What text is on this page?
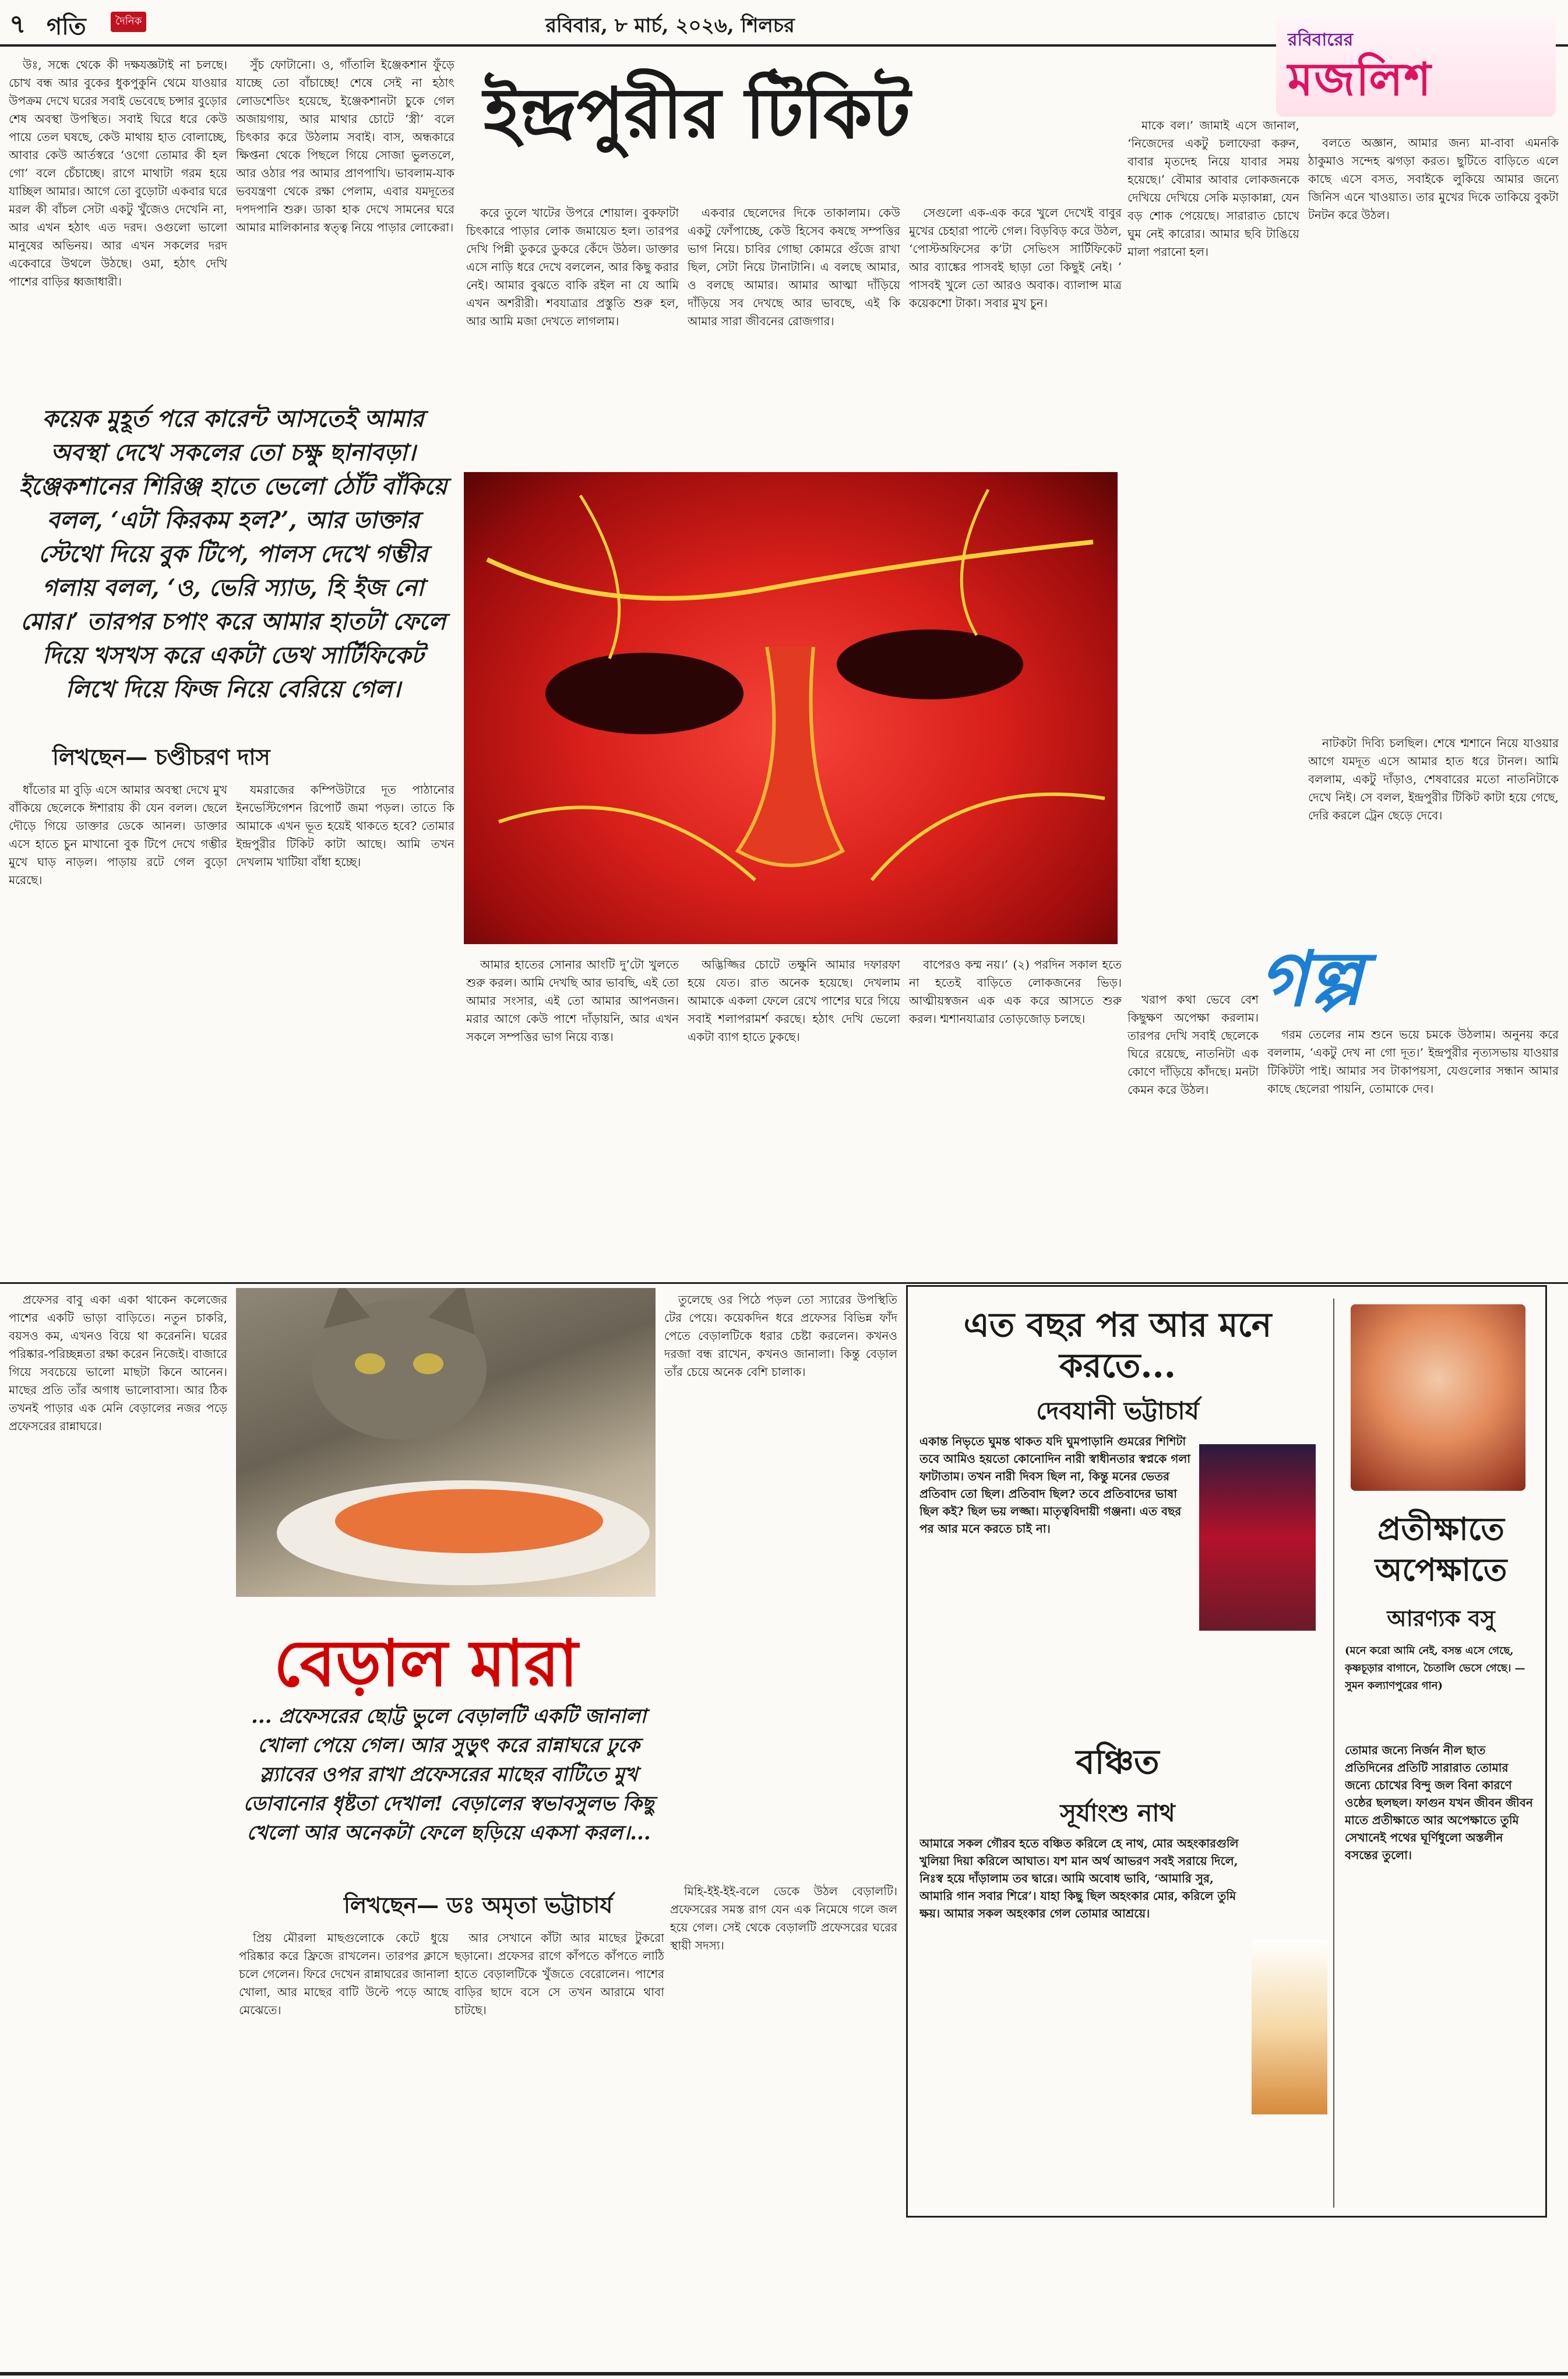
৭ গতি	দৈনিক	রবিবার, ৮ মার্চ, ২০২৬, শিলচর
রবিবারের
মজলিশ
ইন্দ্রপুরীর টিকিট

উঃ, সন্ধে থেকে কী দক্ষযজ্ঞটাই না চলছে। চোখ বন্ধ আর বুকের ধুকপুকুনি থেমে যাওয়ার উপক্রম দেখে ঘরের সবাই ভেবেছে চন্সার বুড়োর শেষ অবস্থা উপস্থিত। সবাই ঘিরে ধরে কেউ পায়ে তেল ঘষছে, কেউ মাথায় হাত বোলাচ্ছে, আবার কেউ আর্তস্বরে ‘ওগো তোমার কী হল গো’ বলে চেঁচাচ্ছে। রাগে মাথাটা গরম হয়ে যাচ্ছিল আমার। আগে তো বুড়োটা একবার ঘরে মরল কী বাঁচল সেটা একটু খুঁজেও দেখেনি না, আর এখন হঠাৎ এত দরদ। ওগুলো ভালো মানুষের অভিনয়। আর এখন সকলের দরদ একেবারে উথলে উঠছে। ওমা, হঠাৎ দেখি পাশের বাড়ির ধ্বজাধারী।

সুঁচ ফোটানো। ও, গাঁতালি ইঞ্জেকশান ফুঁড়ে যাচ্ছে তো বাঁচাচ্ছে! শেষে সেই না হঠাৎ লোডশেডিং হয়েছে, ইঞ্জেকশানটা চুকে গেল অজায়গায়, আর মাথার চোটে ‘স্ত্রী’ বলে চিৎকার করে উঠলাম সবাই। বাস, অন্ধকারে ক্ষিপ্তনা থেকে পিছলে গিয়ে সোজা ভুলতলে, আর ওঠার পর আমার প্রাণপাখি। ভাবলাম-যাক ভবযন্ত্রণা থেকে রক্ষা পেলাম, এবার যমদূতের দপদপানি শুরু। ডাকা হাক দেখে সামনের ঘরে আমার মালিকানার স্বত্ত্ব নিয়ে পাড়ার লোকেরা।

কয়েক মুহূর্ত পরে কারেন্ট আসতেই আমার অবস্থা দেখে সকলের তো চক্ষু ছানাবড়া। ইঞ্জেকশানের শিরিঞ্জ হাতে ভেলো ঠোঁট বাঁকিয়ে বলল, ‘এটা কিরকম হল?’, আর ডাক্তার স্টেথো দিয়ে বুক টিপে, পালস দেখে গম্ভীর গলায় বলল, ‘ও, ভেরি স্যাড, হি ইজ নো মোর।’ তারপর চপাং করে আমার হাতটা ফেলে দিয়ে খসখস করে একটা ডেথ সার্টিফিকেট লিখে দিয়ে ফিজ নিয়ে বেরিয়ে গেল।
লিখছেন— চণ্ডীচরণ দাস

করে তুলে খাটের উপরে শোয়াল। বুকফাটা চিৎকারে পাড়ার লোক জমায়েত হল। তারপর দেখি পিন্নী ডুকরে ডুকরে কেঁদে উঠল। ডাক্তার এসে নাড়ি ধরে দেখে বললেন, আর কিছু করার নেই। আমার বুঝতে বাকি রইল না যে আমি এখন অশরীরী। শবযাত্রার প্রস্তুতি শুরু হল, আর আমি মজা দেখতে লাগলাম।

একবার ছেলেদের দিকে তাকালাম। কেউ একটু ফোঁপাচ্ছে, কেউ হিসেব কষছে সম্পত্তির ভাগ নিয়ে। চাবির গোছা কোমরে গুঁজে রাখা ছিল, সেটা নিয়ে টানাটানি। এ বলছে আমার, ও বলছে আমার। আমার আত্মা দাঁড়িয়ে দাঁড়িয়ে সব দেখছে আর ভাবছে, এই কি আমার সারা জীবনের রোজগার।

সেগুলো এক-এক করে খুলে দেখেই বাবুর মুখের চেহারা পাল্টে গেল। বিড়বিড় করে উঠল, ‘পোস্টঅফিসের ক’টা সেভিংস সার্টিফিকেট আর ব্যাঙ্কের পাসবই ছাড়া তো কিছুই নেই। ’ পাসবই খুলে তো আরও অবাক। ব্যালান্স মাত্র কয়েকশো টাকা। সবার মুখ চুন।

মাকে বল।’ জামাই এসে জানাল, ‘নিজেদের একটু চলাফেরা করুন, বাবার মৃতদেহ নিয়ে যাবার সময় হয়েছে।’ বৌমার আবার লোকজনকে দেখিয়ে দেখিয়ে সেকি মড়াকান্না, যেন বড় শোক পেয়েছে। সারারাত চোখে ঘুম নেই কারোর। আমার ছবি টাঙিয়ে মালা পরানো হল।

বলতে অজ্ঞান, আমার জন্য মা-বাবা এমনকি ঠাকুমাও সন্দেহ ঝগড়া করত। ছুটিতে বাড়িতে এলে কাছে এসে বসত, সবাইকে লুকিয়ে আমার জন্যে জিনিস এনে খাওয়াত। তার মুখের দিকে তাকিয়ে বুকটা টনটন করে উঠল।

ধাঁতোর মা বুড়ি এসে আমার অবস্থা দেখে মুখ বাঁকিয়ে ছেলেকে ঈশারায় কী যেন বলল। ছেলে দৌড়ে গিয়ে ডাক্তার ডেকে আনল। ডাক্তার এসে হাতে চুন মাখানো বুক টিপে দেখে গম্ভীর মুখে ঘাড় নাড়ল। পাড়ায় রটে গেল বুড়ো মরেছে।

যমরাজের কম্পিউটারে দূত পাঠানোর ইনভেস্টিগেশন রিপোর্ট জমা পড়ল। তাতে কি আমাকে এখন ভূত হয়েই থাকতে হবে? তোমার ইন্দ্রপুরীর টিকিট কাটা আছে। আমি তখন দেখলাম খাটিয়া বাঁধা হচ্ছে।

আমার হাতের সোনার আংটি দু’টো খুলতে শুরু করল। আমি দেখছি আর ভাবছি, এই তো আমার সংসার, এই তো আমার আপনজন। মরার আগে কেউ পাশে দাঁড়ায়নি, আর এখন সকলে সম্পত্তির ভাগ নিয়ে ব্যস্ত।

অদ্ভিজ্জির চোটে তক্ষুনি আমার দফারফা হয়ে যেত। রাত অনেক হয়েছে। দেখলাম আমাকে একলা ফেলে রেখে পাশের ঘরে গিয়ে সবাই শলাপরামর্শ করছে। হঠাৎ দেখি ভেলো একটা ব্যাগ হাতে ঢুকছে।

বাপেরও কম্ম নয়।’ (২) পরদিন সকাল হতে না হতেই বাড়িতে লোকজনের ভিড়। আত্মীয়স্বজন এক এক করে আসতে শুরু করল। শ্মশানযাত্রার তোড়জোড় চলছে।

খরাপ কথা ভেবে বেশ কিছুক্ষণ অপেক্ষা করলাম। তারপর দেখি সবাই ছেলেকে ঘিরে রয়েছে, নাতনিটা এক কোণে দাঁড়িয়ে কাঁদছে। মনটা কেমন করে উঠল।

গরম তেলের নাম শুনে ভয়ে চমকে উঠলাম। অনুনয় করে বললাম, ‘একটু দেখ না গো দূত।’ ইন্দ্রপুরীর নৃত্যসভায় যাওয়ার টিকিটটা পাই। আমার সব টাকাপয়সা, যেগুলোর সন্ধান আমার কাছে ছেলেরা পায়নি, তোমাকে দেব।

নাটকটা দিব্যি চলছিল। শেষে শ্মশানে নিয়ে যাওয়ার আগে যমদূত এসে আমার হাত ধরে টানল। আমি বললাম, একটু দাঁড়াও, শেষবারের মতো নাতনিটাকে দেখে নিই। সে বলল, ইন্দ্রপুরীর টিকিট কাটা হয়ে গেছে, দেরি করলে ট্রেন ছেড়ে দেবে।

গল্প

প্রফেসর বাবু একা একা থাকেন কলেজের পাশের একটি ভাড়া বাড়িতে। নতুন চাকরি, বয়সও কম, এখনও বিয়ে থা করেননি। ঘরের পরিষ্কার-পরিচ্ছন্নতা রক্ষা করেন নিজেই। বাজারে গিয়ে সবচেয়ে ভালো মাছটা কিনে আনেন। মাছের প্রতি তাঁর অগাধ ভালোবাসা। আর ঠিক তখনই পাড়ার এক মেনি বেড়ালের নজর পড়ে প্রফেসরের রান্নাঘরে।

বেড়াল মারা
... প্রফেসরের ছোট্ট ভুলে বেড়ালটি একটি জানালা খোলা পেয়ে গেল। আর সুড়ুৎ করে রান্নাঘরে ঢুকে স্ল্যাবের ওপর রাখা প্রফেসরের মাছের বাটিতে মুখ ডোবানোর ধৃষ্টতা দেখাল! বেড়ালের স্বভাবসুলভ কিছু খেলো আর অনেকটা ফেলে ছড়িয়ে একসা করল।...
লিখছেন— ডঃ অমৃতা ভট্টাচার্য

তুলেছে ওর পিঠে পড়ল তো স্যারের উপস্থিতি টের পেয়ে। কয়েকদিন ধরে প্রফেসর বিভিন্ন ফাঁদ পেতে বেড়ালটিকে ধরার চেষ্টা করলেন। কখনও দরজা বন্ধ রাখেন, কখনও জানালা। কিন্তু বেড়াল তাঁর চেয়ে অনেক বেশি চালাক।

প্রিয় মৌরলা মাছগুলোকে কেটে ধুয়ে পরিষ্কার করে ফ্রিজে রাখলেন। তারপর ক্লাসে চলে গেলেন। ফিরে দেখেন রান্নাঘরের জানালা খোলা, আর মাছের বাটি উল্টে পড়ে আছে মেঝেতে।

আর সেখানে কাঁটা আর মাছের টুকরো ছড়ানো। প্রফেসর রাগে কাঁপতে কাঁপতে লাঠি হাতে বেড়ালটিকে খুঁজতে বেরোলেন। পাশের বাড়ির ছাদে বসে সে তখন আরামে থাবা চাটছে।

মিহি-ইই-ইই-বলে ডেকে উঠল বেড়ালটি। প্রফেসরের সমস্ত রাগ যেন এক নিমেষে গলে জল হয়ে গেল। সেই থেকে বেড়ালটি প্রফেসরের ঘরের স্থায়ী সদস্য।

এত বছর পর আর মনে করতে...
দেবযানী ভট্টাচার্য
একান্ত নিভৃতে ঘুমন্ত থাকত যদি ঘুমপাড়ানি গুমরের শিশিটা তবে আমিও হয়তো কোনোদিন নারী স্বাধীনতার স্বপ্নকে গলা ফাটাতাম। তখন নারী দিবস ছিল না, কিন্তু মনের ভেতর প্রতিবাদ তো ছিল। প্রতিবাদ ছিল? তবে প্রতিবাদের ভাষা ছিল কই? ছিল ভয় লজ্জা। মাতৃত্ববিদায়ী গঞ্জনা। এত বছর পর আর মনে করতে চাই না।
বঞ্চিত
সূর্যাংশু নাথ
আমারে সকল গৌরব হতে বঞ্চিত করিলে হে নাথ, মোর অহংকারগুলি খুলিয়া দিয়া করিলে আঘাত। যশ মান অর্থ আভরণ সবই সরায়ে দিলে, নিঃস্ব হয়ে দাঁড়ালাম তব দ্বারে। আমি অবোধ ভাবি, ‘আমারি সুর, আমারি গান সবার শিরে’। যাহা কিছু ছিল অহংকার মোর, করিলে তুমি ক্ষয়। আমার সকল অহংকার গেল তোমার আশ্রয়ে।
প্রতীক্ষাতে অপেক্ষাতে
আরণ্যক বসু
(মনে করো আমি নেই, বসন্ত এসে গেছে, কৃষ্ণচূড়ার বাগানে, চৈতালি ভেসে গেছে। —সুমন কল্যাণপুরের গান)
তোমার জন্যে নির্জন নীল ছাত প্রতিদিনের প্রতিটি সারারাত তোমার জন্যে চোখের বিন্দু জল বিনা কারণে ওষ্ঠের ছলছল। ফাগুন যখন জীবন জীবন মাতে প্রতীক্ষাতে আর অপেক্ষাতে তুমি সেখানেই পথের ঘূর্ণিধুলো অস্তলীন বসন্তের তুলো।
